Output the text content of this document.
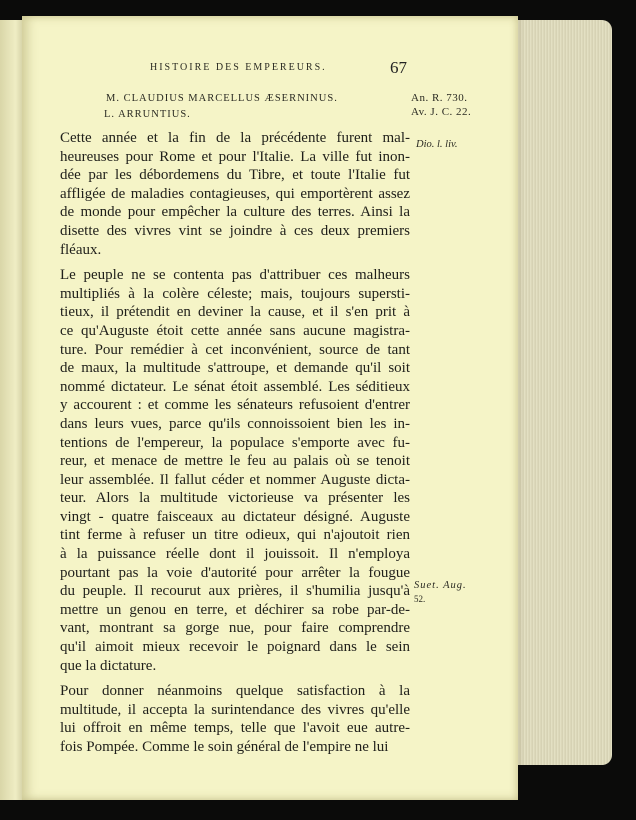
HISTOIRE DES EMPEREURS.	67
M. CLAUDIUS MARCELLUS ÆSERNINUS.
L. ARRUNTIUS.
An. R. 730.
Av. J. C. 22.
Dio. l. liv.
Suet. Aug.
52.

Cette année et la fin de la précédente furent mal-
heureuses pour Rome et pour l'Italie. La ville fut inon-
dée par les débordemens du Tibre, et toute l'Italie fut
affligée de maladies contagieuses, qui emportèrent assez
de monde pour empêcher la culture des terres. Ainsi la
disette des vivres vint se joindre à ces deux premiers
fléaux.

Le peuple ne se contenta pas d'attribuer ces malheurs
multipliés à la colère céleste; mais, toujours supersti-
tieux, il prétendit en deviner la cause, et il s'en prit à
ce qu'Auguste étoit cette année sans aucune magistra-
ture. Pour remédier à cet inconvénient, source de tant
de maux, la multitude s'attroupe, et demande qu'il soit
nommé dictateur. Le sénat étoit assemblé. Les séditieux
y accourent : et comme les sénateurs refusoient d'entrer
dans leurs vues, parce qu'ils connoissoient bien les in-
tentions de l'empereur, la populace s'emporte avec fu-
reur, et menace de mettre le feu au palais où se tenoit
leur assemblée. Il fallut céder et nommer Auguste dicta-
teur. Alors la multitude victorieuse va présenter les
vingt - quatre faisceaux au dictateur désigné. Auguste
tint ferme à refuser un titre odieux, qui n'ajoutoit rien
à la puissance réelle dont il jouissoit. Il n'employa
pourtant pas la voie d'autorité pour arrêter la fougue
du peuple. Il recourut aux prières, il s'humilia jusqu'à
mettre un genou en terre, et déchirer sa robe par-de-
vant, montrant sa gorge nue, pour faire comprendre
qu'il aimoit mieux recevoir le poignard dans le sein
que la dictature.

Pour donner néanmoins quelque satisfaction à la
multitude, il accepta la surintendance des vivres qu'elle
lui offroit en même temps, telle que l'avoit eue autre-
fois Pompée. Comme le soin général de l'empire ne lui
